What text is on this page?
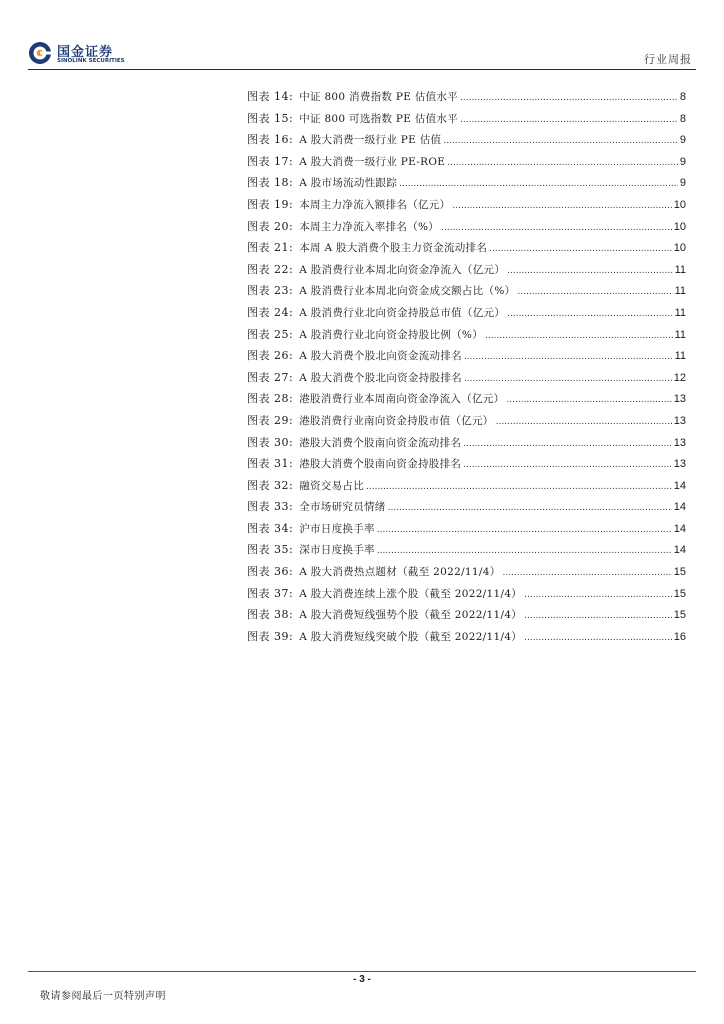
国金证券
SINOLINK SECURITIES	行业周报
图表 14: 中证 800 消费指数 PE 估值水平 .....	8
图表 15: 中证 800 可选指数 PE 估值水平 .....	8
图表 16: A 股大消费一级行业 PE 估值 .....	9
图表 17: A 股大消费一级行业 PE-ROE .....	9
图表 18: A 股市场流动性跟踪 .....	9
图表 19: 本周主力净流入额排名（亿元） .....	10
图表 20: 本周主力净流入率排名（%） .....	10
图表 21: 本周 A 股大消费个股主力资金流动排名 .....	10
图表 22: A 股消费行业本周北向资金净流入（亿元） .....	11
图表 23: A 股消费行业本周北向资金成交额占比（%） .....	11
图表 24: A 股消费行业北向资金持股总市值（亿元） .....	11
图表 25: A 股消费行业北向资金持股比例（%） .....	11
图表 26: A 股大消费个股北向资金流动排名 .....	11
图表 27: A 股大消费个股北向资金持股排名 .....	12
图表 28: 港股消费行业本周南向资金净流入（亿元） .....	13
图表 29: 港股消费行业南向资金持股市值（亿元） .....	13
图表 30: 港股大消费个股南向资金流动排名 .....	13
图表 31: 港股大消费个股南向资金持股排名 .....	13
图表 32: 融资交易占比 .....	14
图表 33: 全市场研究员情绪 .....	14
图表 34: 沪市日度换手率 .....	14
图表 35: 深市日度换手率 .....	14
图表 36: A 股大消费热点题材（截至 2022/11/4） .....	15
图表 37: A 股大消费连续上涨个股（截至 2022/11/4） .....	15
图表 38: A 股大消费短线强势个股（截至 2022/11/4） .....	15
图表 39: A 股大消费短线突破个股（截至 2022/11/4） .....	16
- 3 -
敬请参阅最后一页特别声明
